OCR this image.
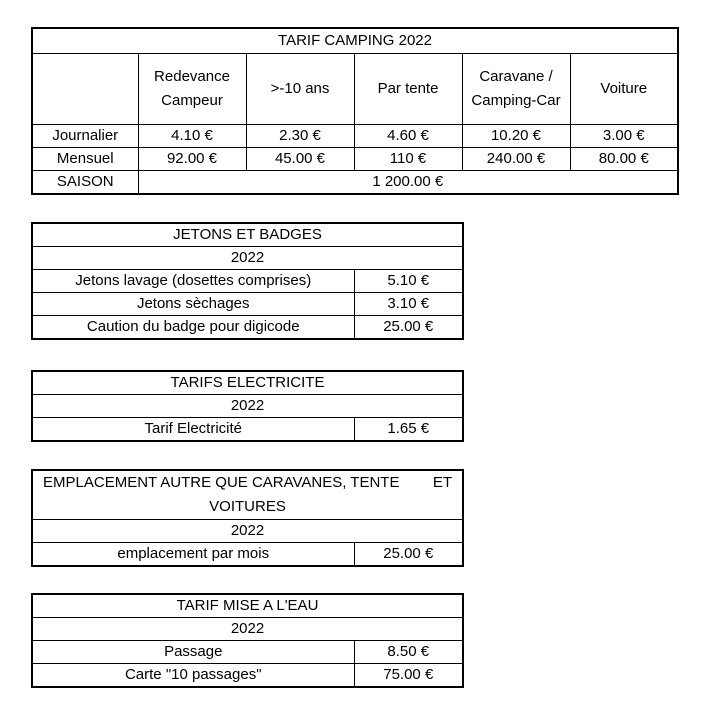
TARIF CAMPING 2022					
	Redevance Campeur	>-10 ans	Par tente	Caravane / Camping-Car	Voiture
Journalier	4.10 €	2.30 €	4.60 €	10.20 €	3.00 €
Mensuel	92.00 €	45.00 €	110 €	240.00 €	80.00 €
SAISON	1 200.00 €				
JETONS ET BADGES	
2022	
Jetons lavage (dosettes comprises)	5.10 €
Jetons sèchages	3.10 €
Caution du badge pour digicode	25.00 €
TARIFS ELECTRICITE
2022
Tarif Electricité	1.65 €
EMPLACEMENT AUTRE QUE CARAVANES, TENTE        ET VOITURES
2022
emplacement par mois	25.00 €
TARIF MISE A L'EAU	
2022	
Passage	8.50 €
Carte "10 passages"	75.00 €
